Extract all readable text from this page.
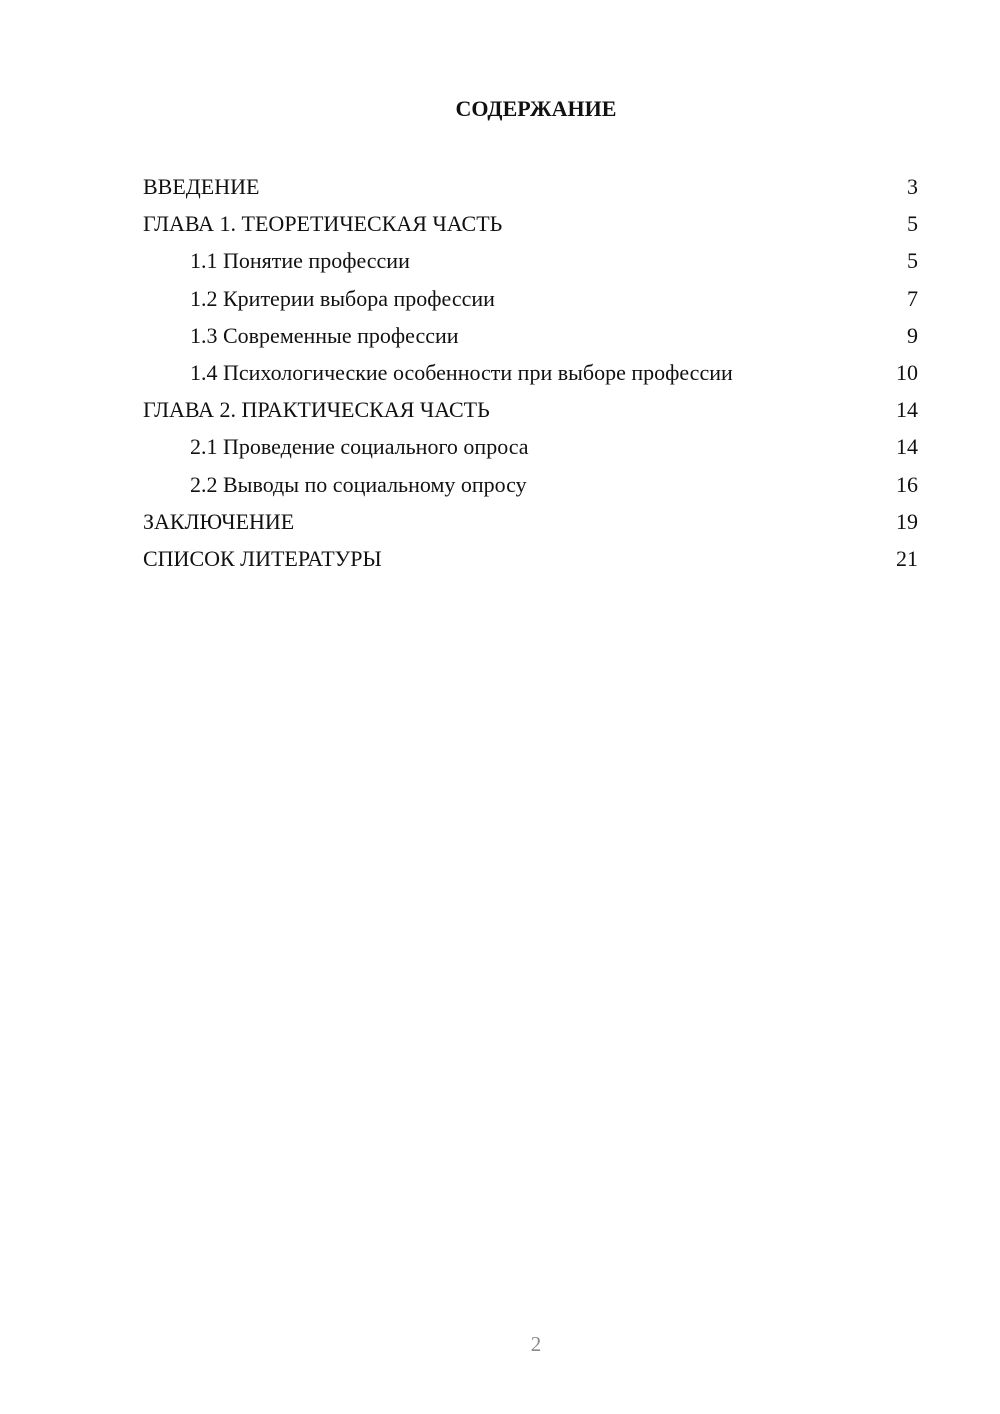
СОДЕРЖАНИЕ
ВВЕДЕНИЕ	3
ГЛАВА 1. ТЕОРЕТИЧЕСКАЯ ЧАСТЬ	5
1.1 Понятие профессии	5
1.2 Критерии выбора профессии	7
1.3 Современные профессии	9
1.4 Психологические особенности при выборе профессии	10
ГЛАВА 2. ПРАКТИЧЕСКАЯ ЧАСТЬ	14
2.1 Проведение социального опроса	14
2.2 Выводы по социальному опросу	16
ЗАКЛЮЧЕНИЕ	19
СПИСОК ЛИТЕРАТУРЫ	21
2
